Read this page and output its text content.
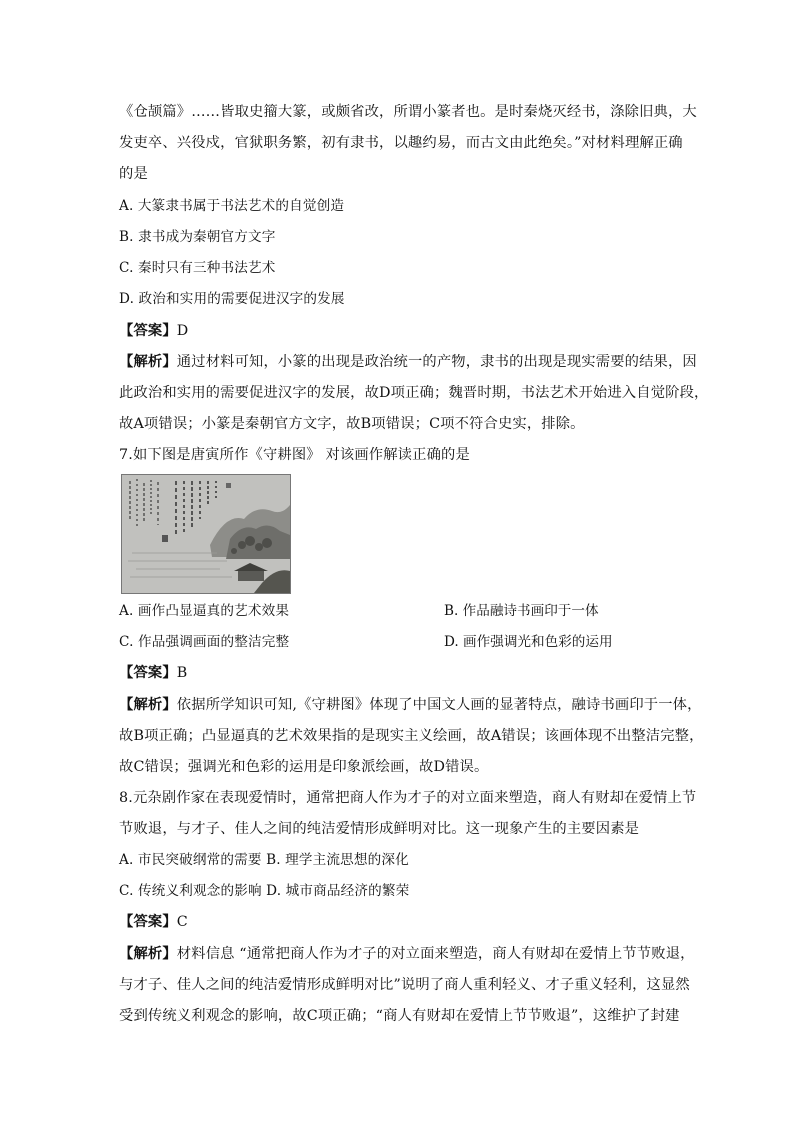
《仓颉篇》……皆取史籀大篆，或颇省改，所谓小篆者也。是时秦烧灭经书，涤除旧典，大
发吏卒、兴役戍，官狱职务繁，初有隶书，以趣约易，而古文由此绝矣。”对材料理解正确
的是
A. 大篆隶书属于书法艺术的自觉创造
B. 隶书成为秦朝官方文字
C. 秦时只有三种书法艺术
D. 政治和实用的需要促进汉字的发展
【答案】D
【解析】通过材料可知，小篆的出现是政治统一的产物，隶书的出现是现实需要的结果，因
此政治和实用的需要促进汉字的发展，故D项正确；魏晋时期，书法艺术开始进入自觉阶段，
故A项错误；小篆是秦朝官方文字，故B项错误；C项不符合史实，排除。
7.如下图是唐寅所作《守耕图》 对该画作解读正确的是
A. 画作凸显逼真的艺术效果	B. 作品融诗书画印于一体
C. 作品强调画面的整洁完整	D. 画作强调光和色彩的运用
【答案】B
【解析】依据所学知识可知,《守耕图》体现了中国文人画的显著特点，融诗书画印于一体，
故B项正确；凸显逼真的艺术效果指的是现实主义绘画，故A错误；该画体现不出整洁完整，
故C错误；强调光和色彩的运用是印象派绘画，故D错误。
8.元杂剧作家在表现爱情时，通常把商人作为才子的对立面来塑造，商人有财却在爱情上节
节败退，与才子、佳人之间的纯洁爱情形成鲜明对比。这一现象产生的主要因素是
A. 市民突破纲常的需要 B. 理学主流思想的深化
C. 传统义利观念的影响 D. 城市商品经济的繁荣
【答案】C
【解析】材料信息 “通常把商人作为才子的对立面来塑造，商人有财却在爱情上节节败退，
与才子、佳人之间的纯洁爱情形成鲜明对比”说明了商人重利轻义、才子重义轻利，这显然
受到传统义利观念的影响，故C项正确；“商人有财却在爱情上节节败退”，这维护了封建
